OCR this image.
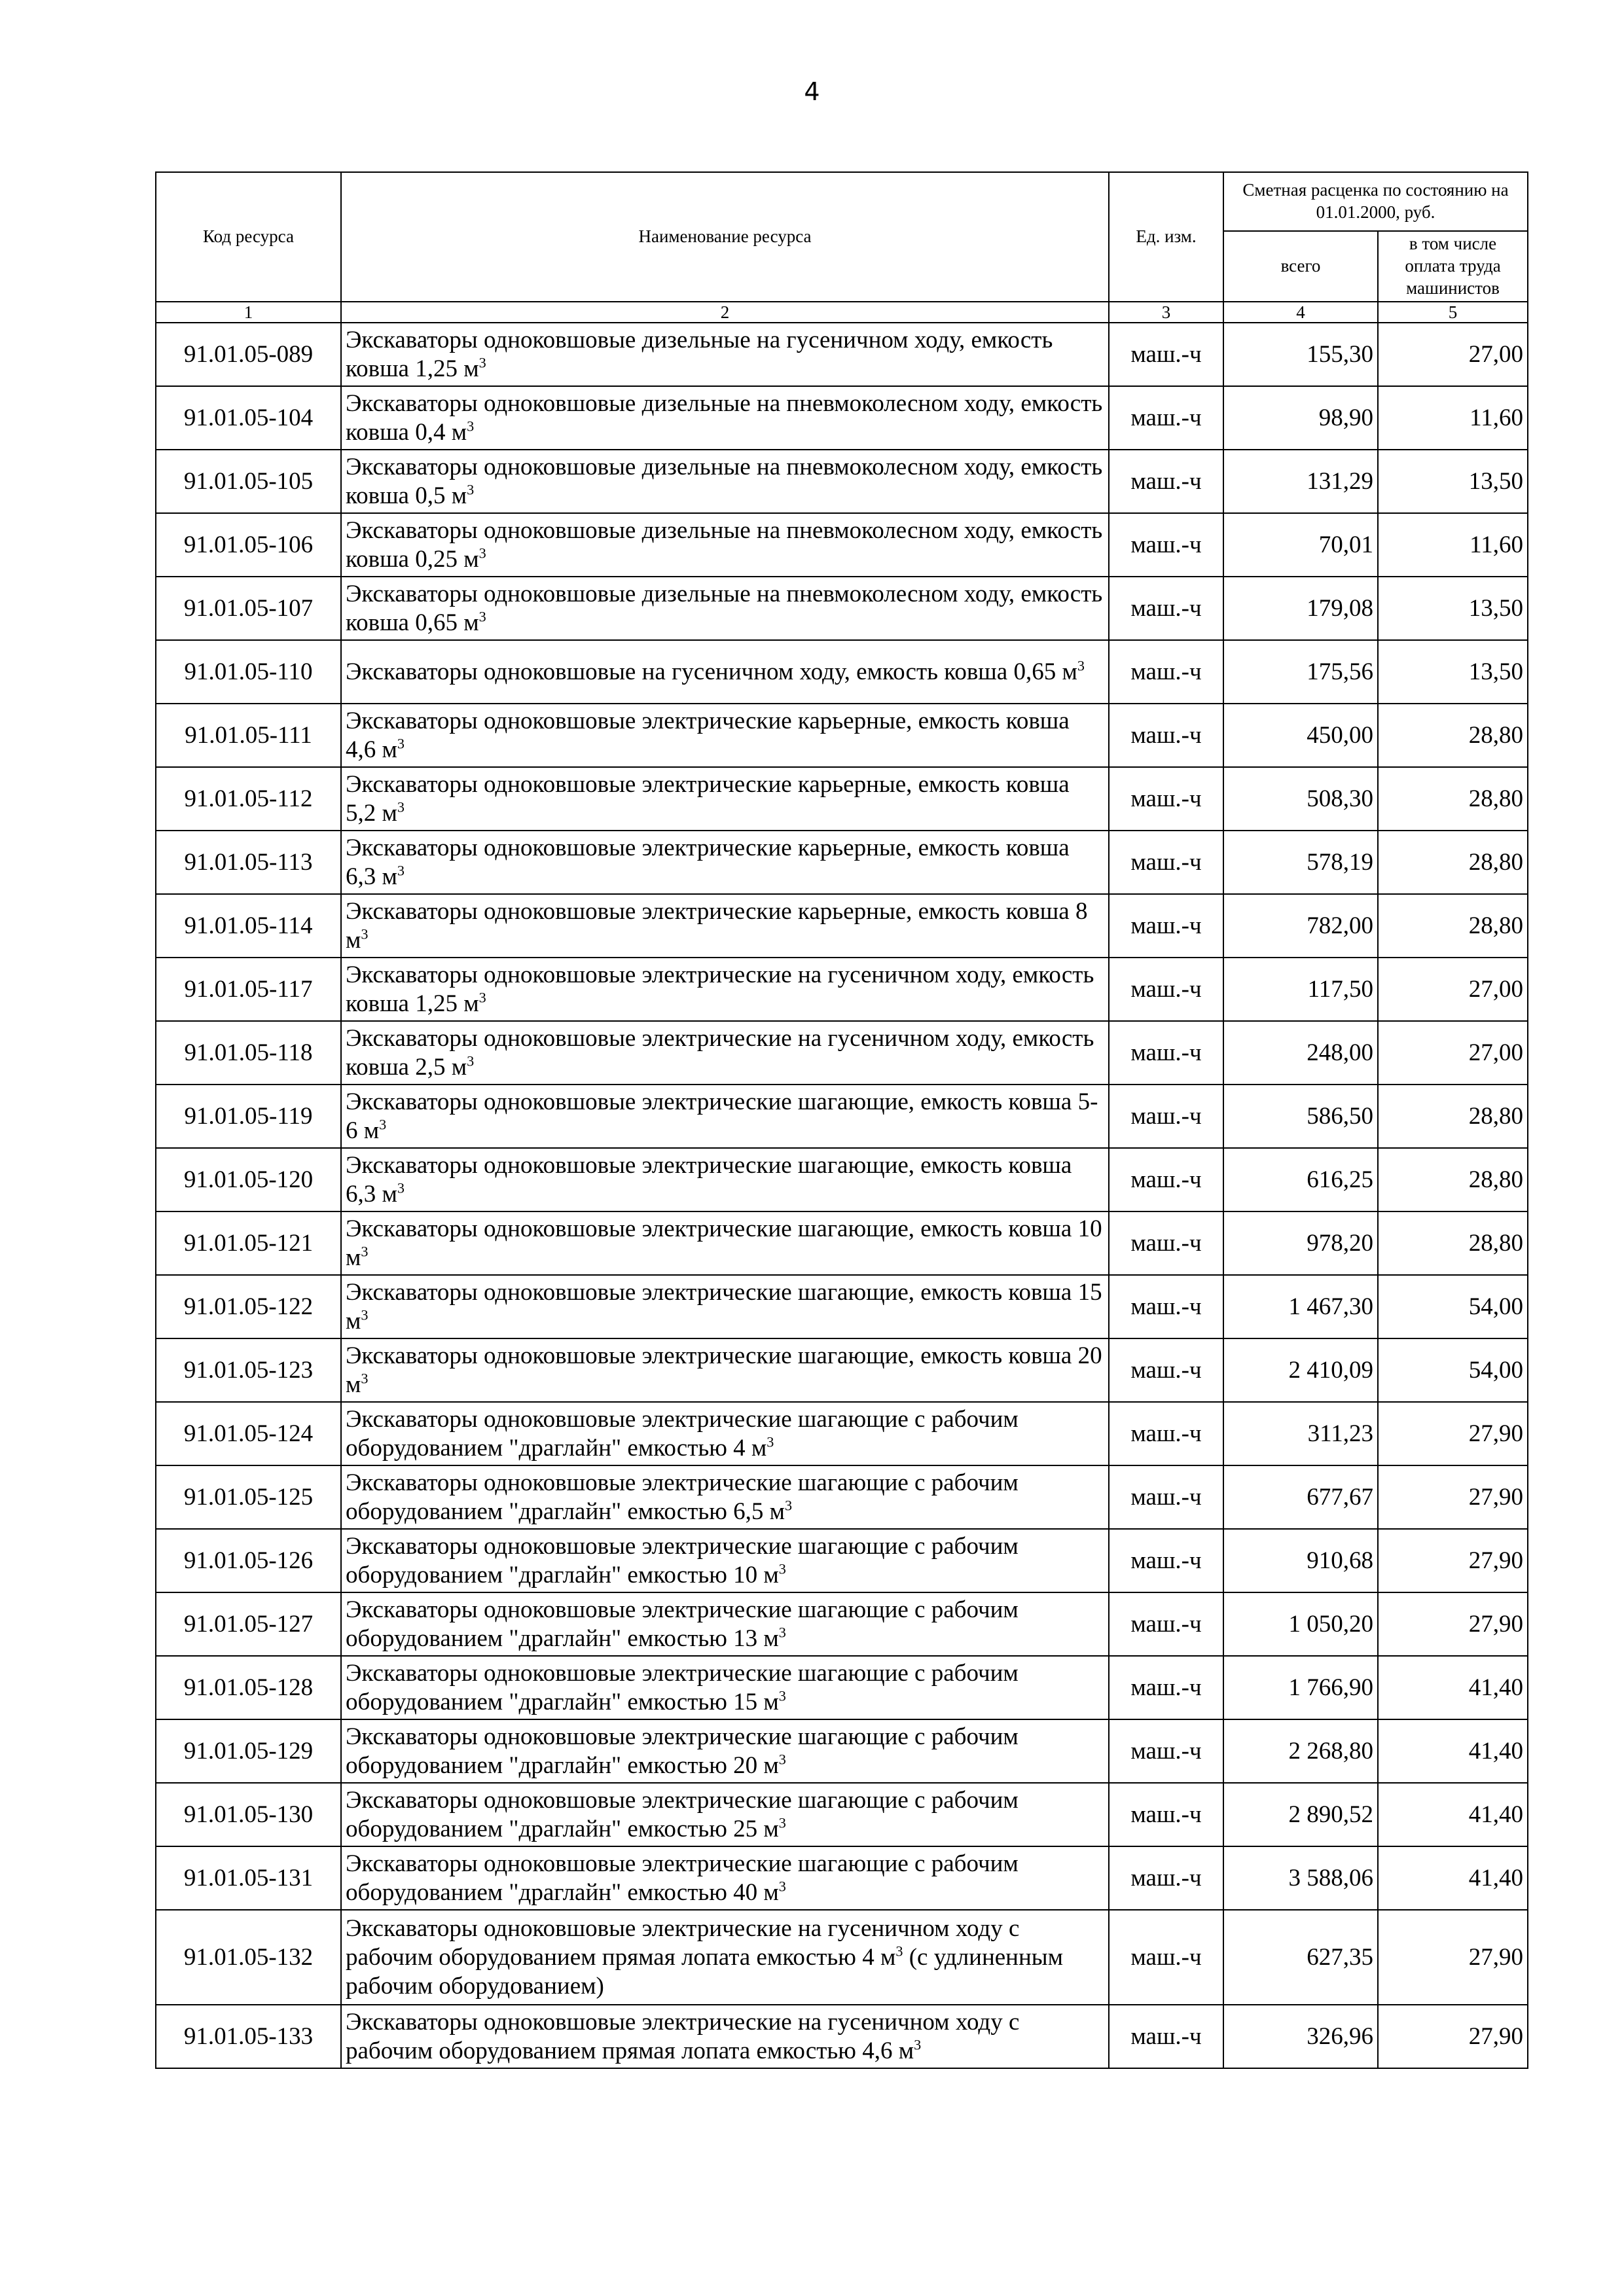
4
Код ресурса	Наименование ресурса	Ед. изм.	Сметная расценка по состоянию на 01.01.2000, руб.	
			всего	в том числе оплата труда машинистов
1	2	3	4	5
91.01.05-089	Экскаваторы одноковшовые дизельные на гусеничном ходу, емкость ковша 1,25 $м^3$	маш.-ч	155,30	27,00
91.01.05-104	Экскаваторы одноковшовые дизельные на пневмоколесном ходу, емкость ковша 0,4 $м^3$	маш.-ч	98,90	11,60
91.01.05-105	Экскаваторы одноковшовые дизельные на пневмоколесном ходу, емкость ковша 0,5 $м^3$	маш.-ч	131,29	13,50
91.01.05-106	Экскаваторы одноковшовые дизельные на пневмоколесном ходу, емкость ковша 0,25 $м^3$	маш.-ч	70,01	11,60
91.01.05-107	Экскаваторы одноковшовые дизельные на пневмоколесном ходу, емкость ковша 0,65 $м^3$	маш.-ч	179,08	13,50
91.01.05-110	Экскаваторы одноковшовые на гусеничном ходу, емкость ковша 0,65 $м^3$	маш.-ч	175,56	13,50
91.01.05-111	Экскаваторы одноковшовые электрические карьерные, емкость ковша 4,6 $м^3$	маш.-ч	450,00	28,80
91.01.05-112	Экскаваторы одноковшовые электрические карьерные, емкость ковша 5,2 $м^3$	маш.-ч	508,30	28,80
91.01.05-113	Экскаваторы одноковшовые электрические карьерные, емкость ковша 6,3 $м^3$	маш.-ч	578,19	28,80
91.01.05-114	Экскаваторы одноковшовые электрические карьерные, емкость ковша 8 $м^3$	маш.-ч	782,00	28,80
91.01.05-117	Экскаваторы одноковшовые электрические на гусеничном ходу, емкость ковша 1,25 $м^3$	маш.-ч	117,50	27,00
91.01.05-118	Экскаваторы одноковшовые электрические на гусеничном ходу, емкость ковша 2,5 $м^3$	маш.-ч	248,00	27,00
91.01.05-119	Экскаваторы одноковшовые электрические шагающие, емкость ковша 5-6 $м^3$	маш.-ч	586,50	28,80
91.01.05-120	Экскаваторы одноковшовые электрические шагающие, емкость ковша 6,3 $м^3$	маш.-ч	616,25	28,80
91.01.05-121	Экскаваторы одноковшовые электрические шагающие, емкость ковша 10 $м^3$	маш.-ч	978,20	28,80
91.01.05-122	Экскаваторы одноковшовые электрические шагающие, емкость ковша 15 $м^3$	маш.-ч	1 467,30	54,00
91.01.05-123	Экскаваторы одноковшовые электрические шагающие, емкость ковша 20 $м^3$	маш.-ч	2 410,09	54,00
91.01.05-124	Экскаваторы одноковшовые электрические шагающие с рабочим оборудованием "драглайн" емкостью 4 $м^3$	маш.-ч	311,23	27,90
91.01.05-125	Экскаваторы одноковшовые электрические шагающие с рабочим оборудованием "драглайн" емкостью 6,5 $м^3$	маш.-ч	677,67	27,90
91.01.05-126	Экскаваторы одноковшовые электрические шагающие с рабочим оборудованием "драглайн" емкостью 10 $м^3$	маш.-ч	910,68	27,90
91.01.05-127	Экскаваторы одноковшовые электрические шагающие с рабочим оборудованием "драглайн" емкостью 13 $м^3$	маш.-ч	1 050,20	27,90
91.01.05-128	Экскаваторы одноковшовые электрические шагающие с рабочим оборудованием "драглайн" емкостью 15 $м^3$	маш.-ч	1 766,90	41,40
91.01.05-129	Экскаваторы одноковшовые электрические шагающие с рабочим оборудованием "драглайн" емкостью 20 $м^3$	маш.-ч	2 268,80	41,40
91.01.05-130	Экскаваторы одноковшовые электрические шагающие с рабочим оборудованием "драглайн" емкостью 25 $м^3$	маш.-ч	2 890,52	41,40
91.01.05-131	Экскаваторы одноковшовые электрические шагающие с рабочим оборудованием "драглайн" емкостью 40 $м^3$	маш.-ч	3 588,06	41,40
91.01.05-132	Экскаваторы одноковшовые электрические на гусеничном ходу с рабочим оборудованием прямая лопата емкостью 4 $м^3$ (с удлиненным рабочим оборудованием)	маш.-ч	627,35	27,90
91.01.05-133	Экскаваторы одноковшовые электрические на гусеничном ходу с рабочим оборудованием прямая лопата емкостью 4,6 $м^3$	маш.-ч	326,96	27,90
